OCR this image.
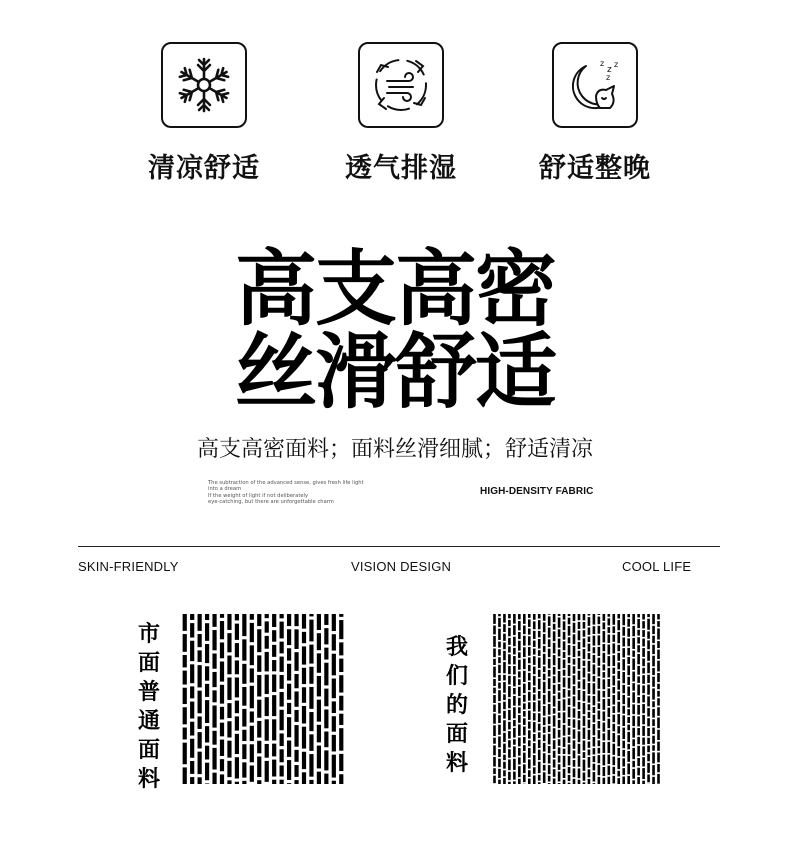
清凉舒适	透气排湿
z
z
z
z
舒适整晚
高支高密
丝滑舒适
高支高密面料；面料丝滑细腻；舒适清凉
The subtraction of the advanced sense, gives fresh life light
into a dream
If the weight of light if not deliberately
eye-catching, but there are unforgettable charm
HIGH-DENSITY FABRIC
SKIN-FRIENDLY	VISION DESIGN	COOL LIFE
市
面
普
通
面
料
我
们
的
面
料
